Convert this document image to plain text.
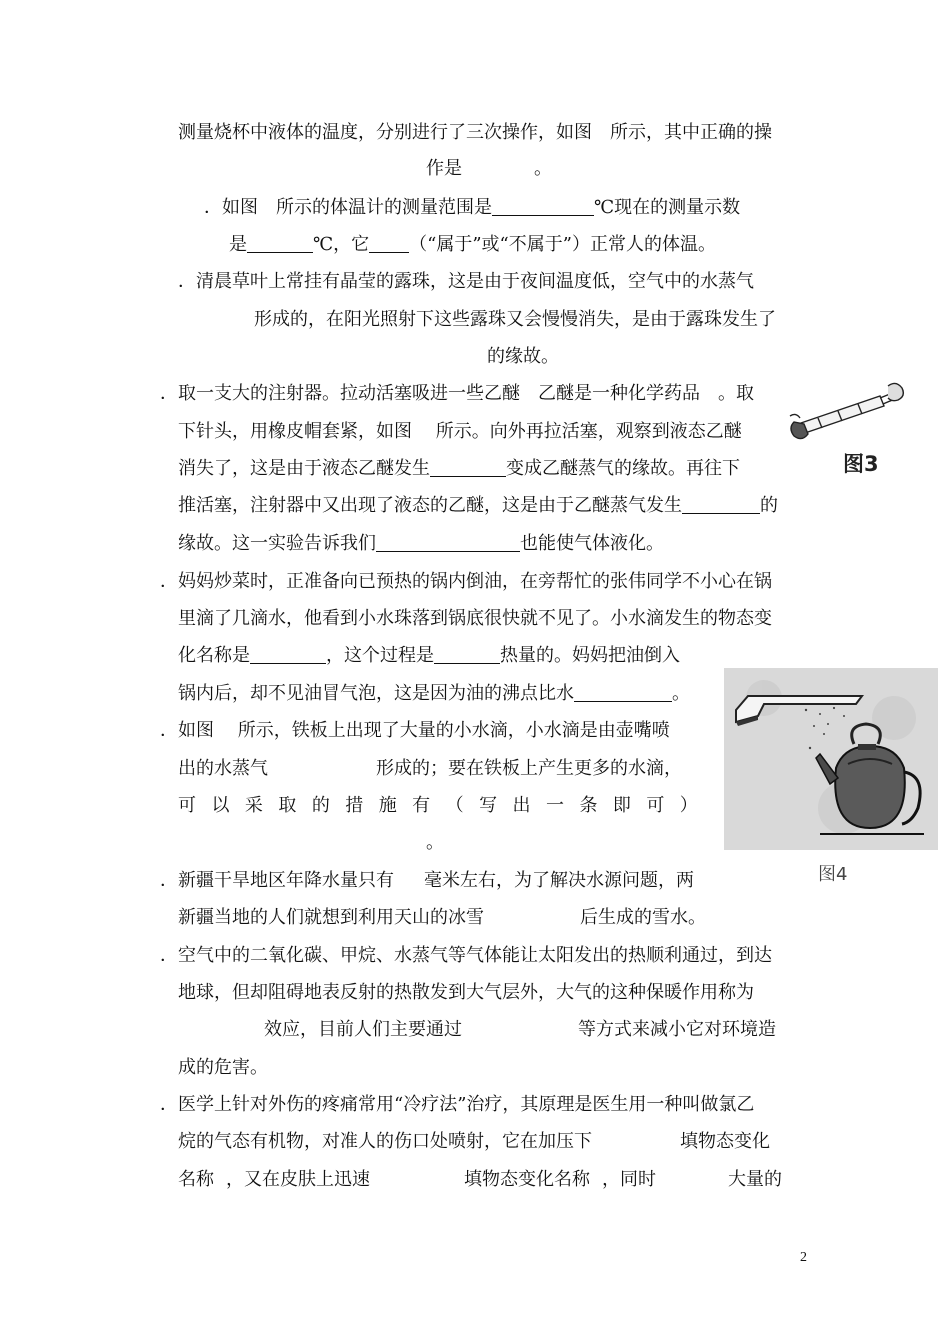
测量烧杯中液体的温度，分别进行了三次操作，如图　所示，其中正确的操
作是	。
．如图　所示的体温计的测量范围是	℃现在的测量示数
是	℃，它 （“属于”或“不属于”）正常人的体温。
．清晨草叶上常挂有晶莹的露珠，这是由于夜间温度低，空气中的水蒸气
形成的，在阳光照射下这些露珠又会慢慢消失，是由于露珠发生了
的缘故。
．取一支大的注射器。拉动活塞吸进一些乙醚　乙醚是一种化学药品　。取
下针头，用橡皮帽套紧，如图　 所示。向外再拉活塞，观察到液态乙醚
消失了，这是由于液态乙醚发生	变成乙醚蒸气的缘故。再往下
推活塞，注射器中又出现了液态的乙醚，这是由于乙醚蒸气发生	的
缘故。这一实验告诉我们	也能使气体液化。
图3
．妈妈炒菜时，正准备向已预热的锅内倒油，在旁帮忙的张伟同学不小心在锅
里滴了几滴水，他看到小水珠落到锅底很快就不见了。小水滴发生的物态变
化名称是	，这个过程是	热量的。妈妈把油倒入
锅内后，却不见油冒气泡，这是因为油的沸点比水	。
图4
．如图　 所示，铁板上出现了大量的小水滴，小水滴是由壶嘴喷
出的水蒸气	形成的；要在铁板上产生更多的水滴，
可 以 采 取 的 措 施 有 （ 写 出 一 条 即 可 ）
。
．新疆干旱地区年降水量只有 毫米左右，为了解决水源问题，两
新疆当地的人们就想到利用天山的冰雪	后生成的雪水。
．空气中的二氧化碳、甲烷、水蒸气等气体能让太阳发出的热顺利通过，到达
地球，但却阻碍地表反射的热散发到大气层外，大气的这种保暖作用称为
效应，目前人们主要通过	等方式来减小它对环境造
成的危害。
．医学上针对外伤的疼痛常用“冷疗法”治疗，其原理是医生用一种叫做氯乙
烷的气态有机物，对准人的伤口处喷射，它在加压下	填物态变化
名称 ，又在皮肤上迅速	填物态变化名称 ，同时	大量的
2
